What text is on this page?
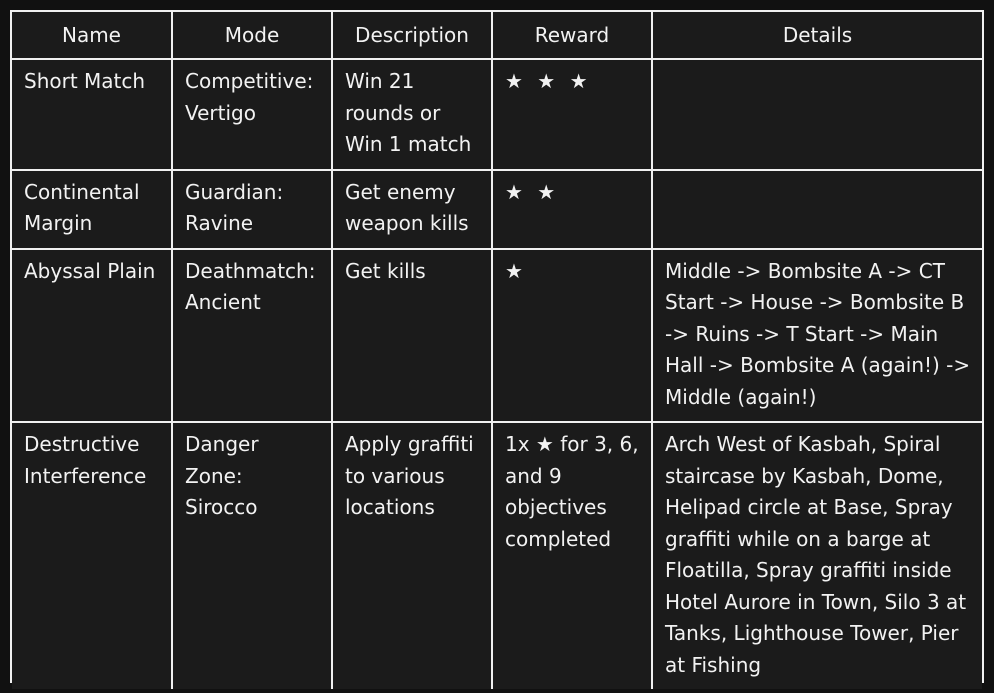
Name	Mode	Description	Reward	Details
Short Match	Competitive: Vertigo	Win 21 rounds or Win 1 match	★ ★ ★	
Continental Margin	Guardian: Ravine	Get enemy weapon kills	★ ★	
Abyssal Plain	Deathmatch: Ancient	Get kills	★	Middle -> Bombsite A -> CT Start -> House -> Bombsite B -> Ruins -> T Start -> Main Hall -> Bombsite A (again!) -> Middle (again!)
Destructive Interference	Danger Zone: Sirocco	Apply graffiti to various locations	1x ★ for 3, 6, and 9 objectives completed	Arch West of Kasbah, Spiral staircase by Kasbah, Dome, Helipad circle at Base, Spray graffiti while on a barge at Floatilla, Spray graffiti inside Hotel Aurore in Town, Silo 3 at Tanks, Lighthouse Tower, Pier at Fishing
